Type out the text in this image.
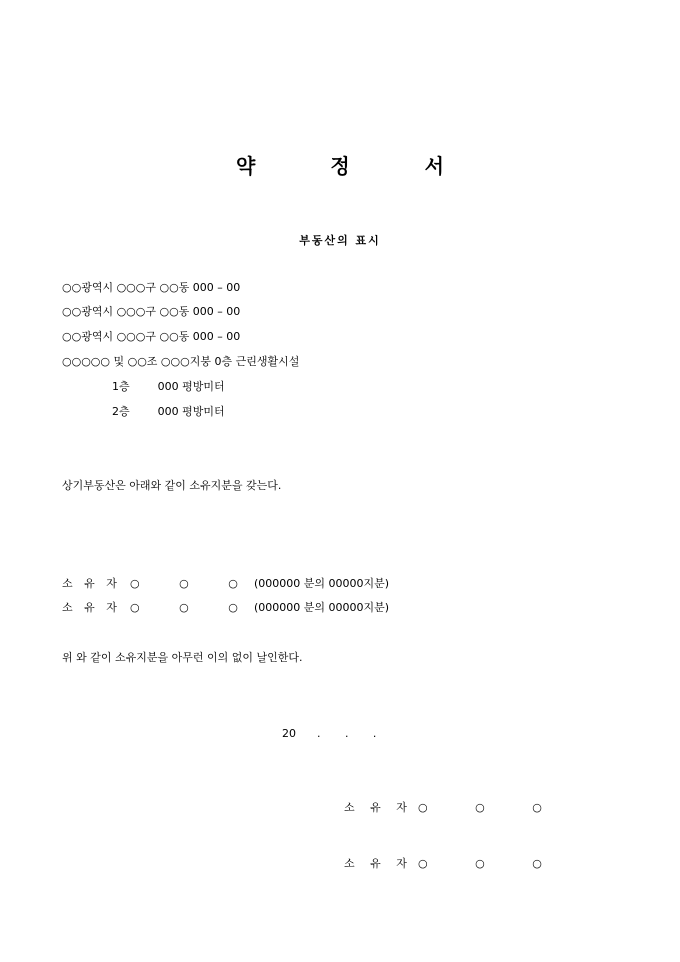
약 정 서
부동산의 표시
○○광역시 ○○○구 ○○동 000 – 00
○○광역시 ○○○구 ○○동 000 – 00
○○광역시 ○○○구 ○○동 000 – 00
○○○○○ 및 ○○조 ○○○지붕 0층 근린생활시설
1층	000 평방미터
2층	000 평방미터
상기부동산은 아래와 같이 소유지분을 갖는다.
소 유 자 ○ ○ ○(000000 분의 00000지분)
소 유 자 ○ ○ ○(000000 분의 00000지분)
위 와 같이 소유지분을 아무런 이의 없이 날인한다.
20      .       .       .
소 유 자 ○ ○ ○
소 유 자 ○ ○ ○
